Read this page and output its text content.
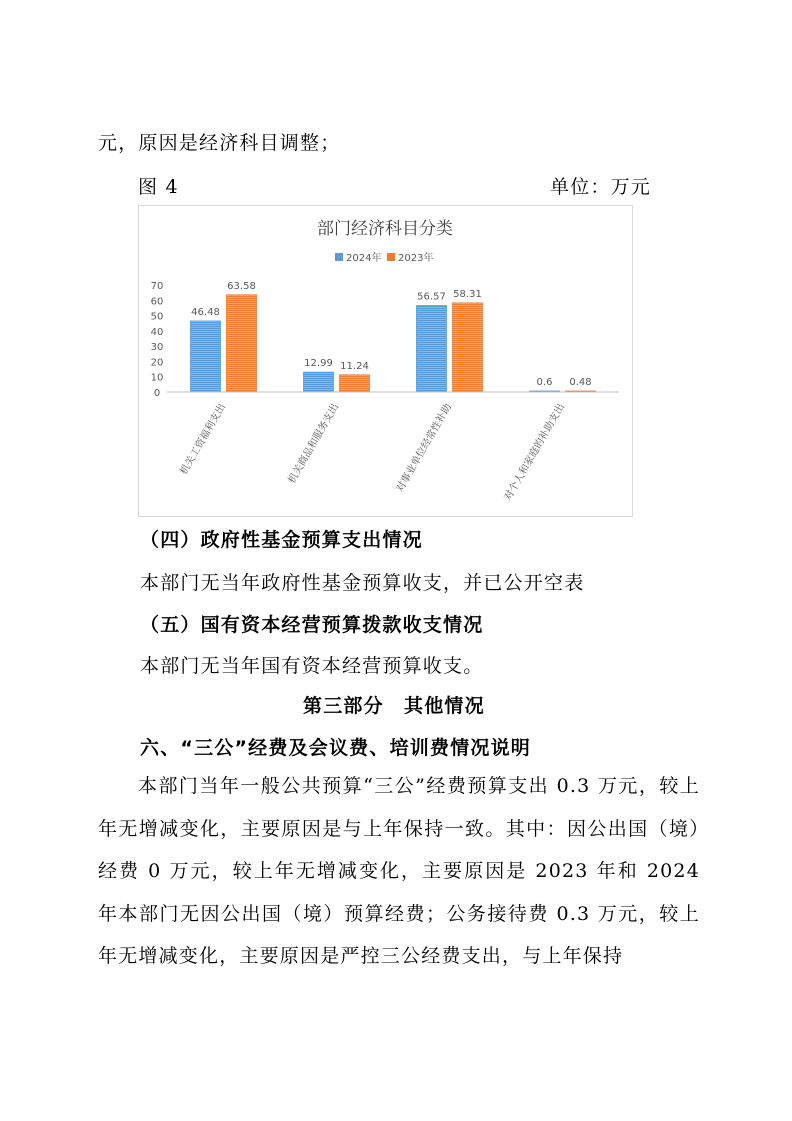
元，原因是经济科目调整；
图 4	单位：万元
部门经济科目分类
2024年 2023年
0
10
20
30
40
50
60
70
46.48
63.58
12.99 11.24
56.57 58.31
0.6 0.48
机关工资福利支出	机关商品和服务支出	对事业单位经常性补助	对个人和家庭的补助支出
（四）政府性基金预算支出情况
本部门无当年政府性基金预算收支，并已公开空表
（五）国有资本经营预算拨款收支情况
本部门无当年国有资本经营预算收支。
第三部分　其他情况
六、“三公”经费及会议费、培训费情况说明
本部门当年一般公共预算“三公”经费预算支出 0.3 万元，较上年无增减变化，主要原因是与上年保持一致。其中：因公出国（境）经费 0 万元，较上年无增减变化，主要原因是 2023 年和 2024 年本部门无因公出国（境）预算经费；公务接待费 0.3 万元，较上年无增减变化，主要原因是严控三公经费支出，与上年保持
